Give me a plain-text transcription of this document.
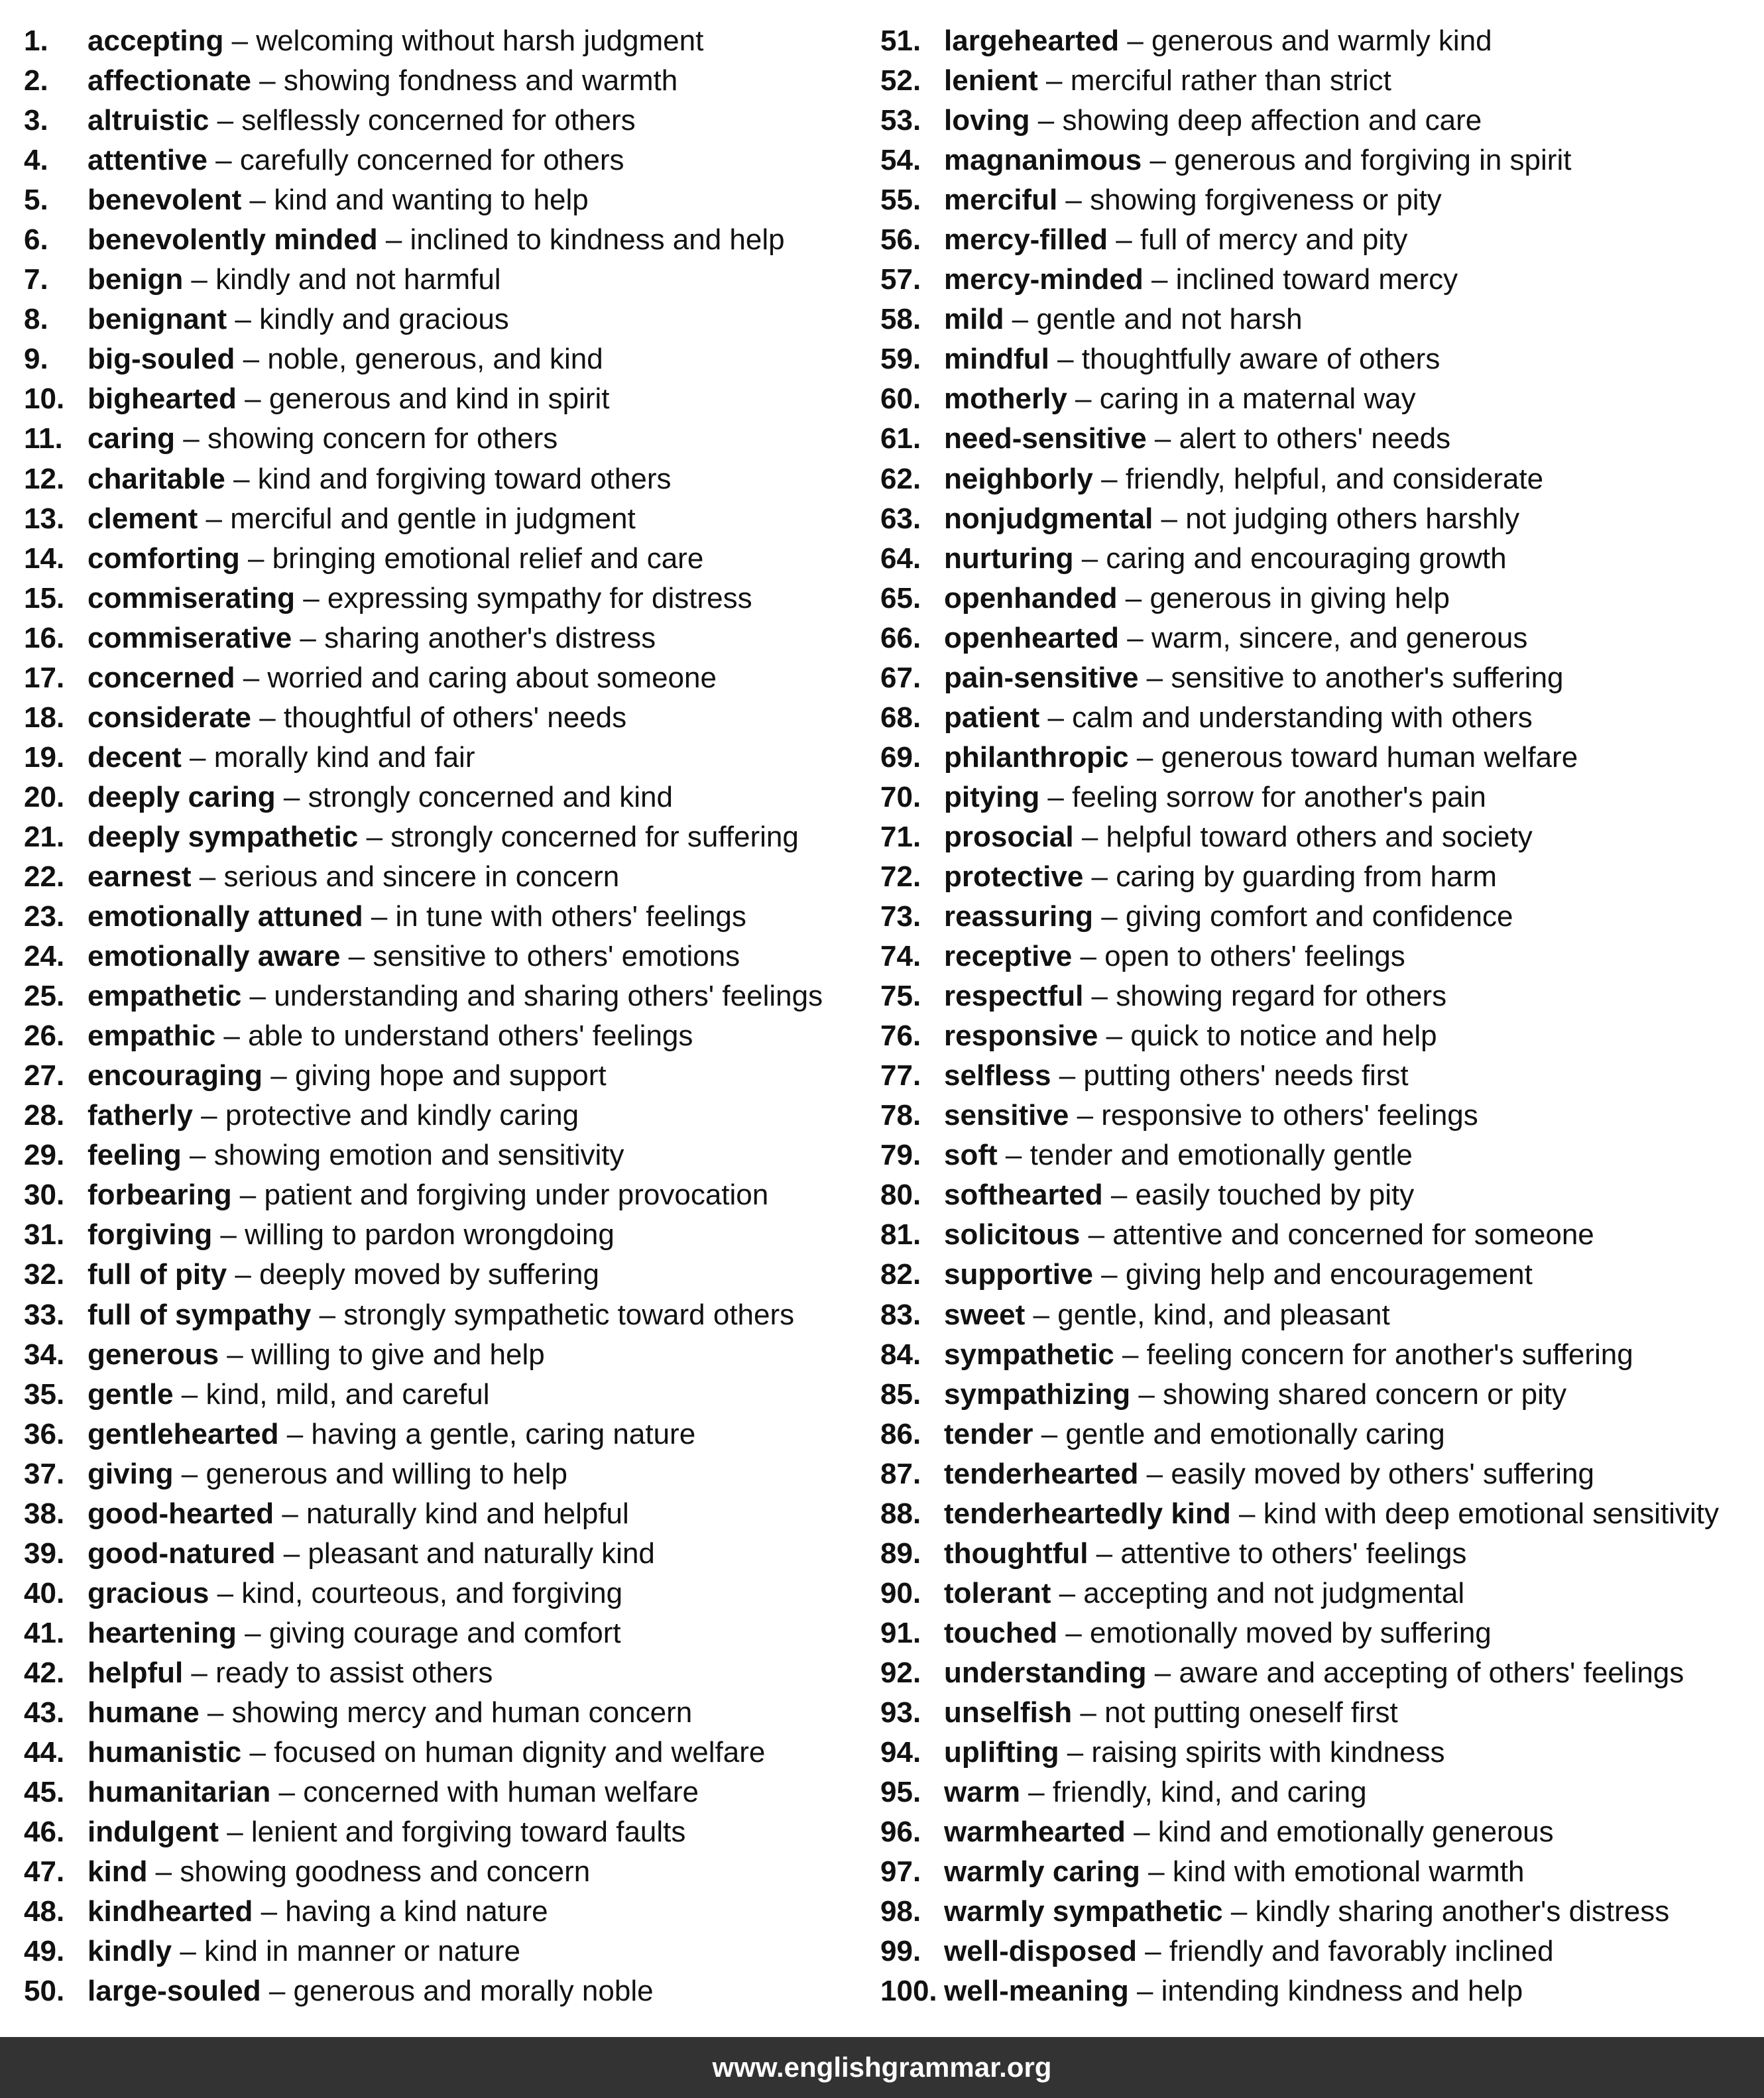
1.	accepting – welcoming without harsh judgment
2.	affectionate – showing fondness and warmth
3.	altruistic – selflessly concerned for others
4.	attentive – carefully concerned for others
5.	benevolent – kind and wanting to help
6.	benevolently minded – inclined to kindness and help
7.	benign – kindly and not harmful
8.	benignant – kindly and gracious
9.	big-souled – noble, generous, and kind
10. bighearted – generous and kind in spirit
11. caring – showing concern for others
12. charitable – kind and forgiving toward others
13. clement – merciful and gentle in judgment
14. comforting – bringing emotional relief and care
15. commiserating – expressing sympathy for distress
16. commiserative – sharing another's distress
17. concerned – worried and caring about someone
18. considerate – thoughtful of others' needs
19. decent – morally kind and fair
20. deeply caring – strongly concerned and kind
21. deeply sympathetic – strongly concerned for suffering
22. earnest – serious and sincere in concern
23. emotionally attuned – in tune with others' feelings
24. emotionally aware – sensitive to others' emotions
25. empathetic – understanding and sharing others' feelings
26. empathic – able to understand others' feelings
27. encouraging – giving hope and support
28. fatherly – protective and kindly caring
29. feeling – showing emotion and sensitivity
30. forbearing – patient and forgiving under provocation
31. forgiving – willing to pardon wrongdoing
32. full of pity – deeply moved by suffering
33. full of sympathy – strongly sympathetic toward others
34. generous – willing to give and help
35. gentle – kind, mild, and careful
36. gentlehearted – having a gentle, caring nature
37. giving – generous and willing to help
38. good-hearted – naturally kind and helpful
39. good-natured – pleasant and naturally kind
40. gracious – kind, courteous, and forgiving
41. heartening – giving courage and comfort
42. helpful – ready to assist others
43. humane – showing mercy and human concern
44. humanistic – focused on human dignity and welfare
45. humanitarian – concerned with human welfare
46. indulgent – lenient and forgiving toward faults
47. kind – showing goodness and concern
48. kindhearted – having a kind nature
49. kindly – kind in manner or nature
50. large-souled – generous and morally noble
51. largehearted – generous and warmly kind
52. lenient – merciful rather than strict
53. loving – showing deep affection and care
54. magnanimous – generous and forgiving in spirit
55. merciful – showing forgiveness or pity
56. mercy-filled – full of mercy and pity
57. mercy-minded – inclined toward mercy
58. mild – gentle and not harsh
59. mindful – thoughtfully aware of others
60. motherly – caring in a maternal way
61. need-sensitive – alert to others' needs
62. neighborly – friendly, helpful, and considerate
63. nonjudgmental – not judging others harshly
64. nurturing – caring and encouraging growth
65. openhanded – generous in giving help
66. openhearted – warm, sincere, and generous
67. pain-sensitive – sensitive to another's suffering
68. patient – calm and understanding with others
69. philanthropic – generous toward human welfare
70. pitying – feeling sorrow for another's pain
71. prosocial – helpful toward others and society
72. protective – caring by guarding from harm
73. reassuring – giving comfort and confidence
74. receptive – open to others' feelings
75. respectful – showing regard for others
76. responsive – quick to notice and help
77. selfless – putting others' needs first
78. sensitive – responsive to others' feelings
79. soft – tender and emotionally gentle
80. softhearted – easily touched by pity
81. solicitous – attentive and concerned for someone
82. supportive – giving help and encouragement
83. sweet – gentle, kind, and pleasant
84. sympathetic – feeling concern for another's suffering
85. sympathizing – showing shared concern or pity
86. tender – gentle and emotionally caring
87. tenderhearted – easily moved by others' suffering
88. tenderheartedly kind – kind with deep emotional sensitivity
89. thoughtful – attentive to others' feelings
90. tolerant – accepting and not judgmental
91. touched – emotionally moved by suffering
92. understanding – aware and accepting of others' feelings
93. unselfish – not putting oneself first
94. uplifting – raising spirits with kindness
95. warm – friendly, kind, and caring
96. warmhearted – kind and emotionally generous
97. warmly caring – kind with emotional warmth
98. warmly sympathetic – kindly sharing another's distress
99. well-disposed – friendly and favorably inclined
100. well-meaning – intending kindness and help
www.englishgrammar.org
